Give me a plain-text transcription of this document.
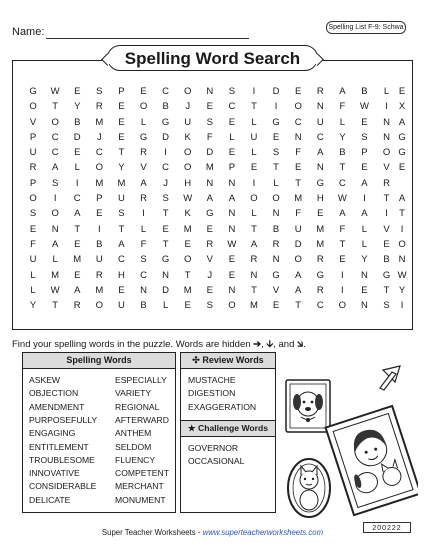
Name:	Spelling List F-9: Schwa
Spelling Word Search
G	W	E	S	P	E	C	O	N	S	I	D	E	R	A	B	L	E
O	T	Y	R	E	O	B	J	E	C	T	I	O	N	F	W	I	X
V	O	B	M	E	L	G	U	S	E	L	G	C	U	L	E	N A
P	C	D	J	E	G	D	K	F	L	U	E	N	C	Y	S	N G
U	C	E	C	T	R	I	O	D	E	L	S	F	A	B	P	O G
R	A	L	O	Y	V	C	O	M	P	E	T	E	N	T	E	V E
P	S	I	M	M	A	J	H	N	N	I	L	T	G	C	A	R
O	I	C	P	U	R	S	W	A	A	O	O	M	H	W	I	T A
S	O	A	E	S	I	T	K	G	N	L	N	F	E	A	A	I	T
E	N	T	I	T	L	E	M	E	N	T	B	U	M	F	L	V	I
F	A	E	B	A	F	T	E	R	W	A	R	D	M	T	L	E O
U	L	M	U	C	S	G	O	V	E	R	N	O	R	E	Y	B N
L	M	E	R	H	C	N	T	J	E	N	G	A	G	I	N	G W
L	W	A	M	E	N	D	M	E	N	T	V	A	R	I	E	T Y
Y	T	R	O	U	B	L	E	S	O	M	E	T	C	O	N	S	I
Find your spelling words in the puzzle. Words are hidden ➔, 🡫, and 🡮.
Spelling Words
ASKEW
OBJECTION
AMENDMENT
PURPOSEFULLY
ENGAGING
ENTITLEMENT
TROUBLESOME
INNOVATIVE
CONSIDERABLE
DELICATE
ESPECIALLY
VARIETY
REGIONAL
AFTERWARD
ANTHEM
SELDOM
FLUENCY
COMPETENT
MERCHANT
MONUMENT
✣ Review Words
MUSTACHE
DIGESTION
EXAGGERATION
★ Challenge Words
GOVERNOR
OCCASIONAL
Super Teacher Worksheets - www.superteacherworksheets.com	200222
